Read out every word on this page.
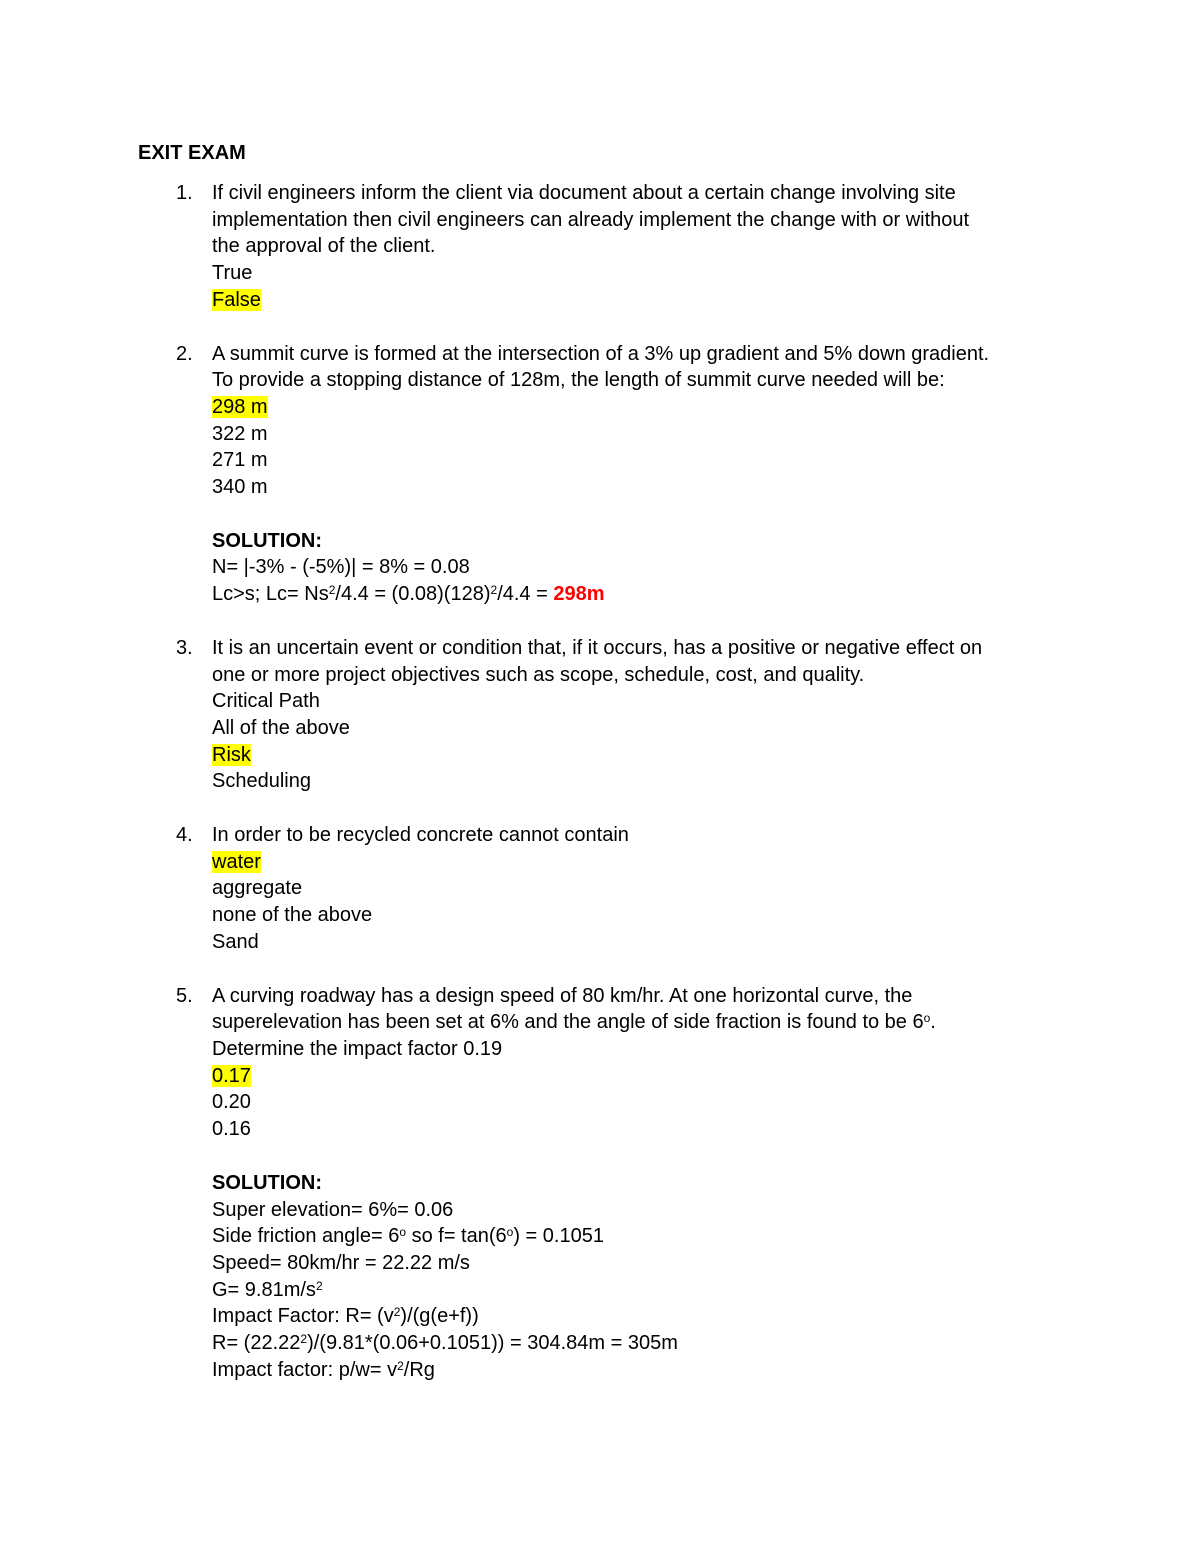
EXIT EXAM
1. If civil engineers inform the client via document about a certain change involving site
implementation then civil engineers can already implement the change with or without
the approval of the client.
True
False
2. A summit curve is formed at the intersection of a 3% up gradient and 5% down gradient.
To provide a stopping distance of 128m, the length of summit curve needed will be:
298 m
322 m
271 m
340 m
SOLUTION:
N= |-3% - (-5%)| = 8% = 0.08
Lc>s; $Lc= Ns^2/4.4 = (0.08)(128)^2/4.4 = 298m$
3. It is an uncertain event or condition that, if it occurs, has a positive or negative effect on
one or more project objectives such as scope, schedule, cost, and quality.
Critical Path
All of the above
Risk
Scheduling
4. In order to be recycled concrete cannot contain
water
aggregate
none of the above
Sand
5. A curving roadway has a design speed of 80 km/hr. At one horizontal curve, the
superelevation has been set at 6% and the angle of side fraction is found to be 6$^o$.
Determine the impact factor 0.19
0.17
0.20
0.16
SOLUTION:
Super elevation= 6%= 0.06
Side friction angle= $6^o$ so $f= \tan(6^o) = 0.1051$
Speed= 80km/hr = 22.22 m/s
$G= 9.81m/s^2$
Impact Factor: $R= (v^2)/(g(e+f))$
$R= (22.22^2)/(9.81*(0.06+0.1051)) = 304.84m = 305m$
Impact factor: $p/w= v^2/Rg$
